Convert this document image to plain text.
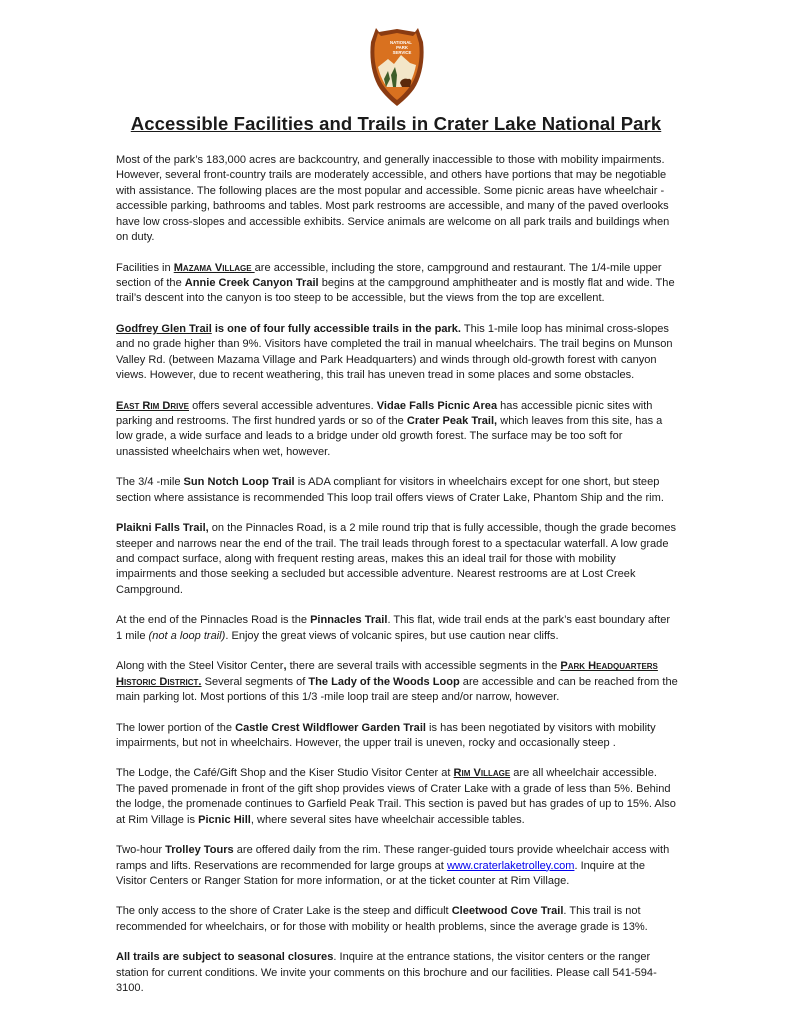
NATIONAL
PARK
SERVICE
Accessible Facilities and Trails in Crater Lake National Park

Most of the park’s 183,000 acres are backcountry, and generally inaccessible to those with mobility impairments. However, several front-country trails are moderately accessible, and others have portions that may be negotiable with assistance. The following places are the most popular and accessible. Some picnic areas have wheelchair -accessible parking, bathrooms and tables. Most park restrooms are accessible, and many of the paved overlooks have low cross-slopes and accessible exhibits. Service animals are welcome on all park trails and buildings when on duty.

Facilities in Mazama Village are accessible, including the store, campground and restaurant. The 1/4-mile upper section of the Annie Creek Canyon Trail begins at the campground amphitheater and is mostly flat and wide. The trail’s descent into the canyon is too steep to be accessible, but the views from the top are excellent.

Godfrey Glen Trail is one of four fully accessible trails in the park. This 1-mile loop has minimal cross-slopes and no grade higher than 9%. Visitors have completed the trail in manual wheelchairs. The trail begins on Munson Valley Rd. (between Mazama Village and Park Headquarters) and winds through old-growth forest with canyon views. However, due to recent weathering, this trail has uneven tread in some places and some obstacles.

East Rim Drive offers several accessible adventures. Vidae Falls Picnic Area has accessible picnic sites with parking and restrooms. The first hundred yards or so of the Crater Peak Trail, which leaves from this site, has a low grade, a wide surface and leads to a bridge under old growth forest. The surface may be too soft for unassisted wheelchairs when wet, however.

The 3/4 -mile Sun Notch Loop Trail is ADA compliant for visitors in wheelchairs except for one short, but steep section where assistance is recommended This loop trail offers views of Crater Lake, Phantom Ship and the rim.

Plaikni Falls Trail, on the Pinnacles Road, is a 2 mile round trip that is fully accessible, though the grade becomes steeper and narrows near the end of the trail. The trail leads through forest to a spectacular waterfall. A low grade and compact surface, along with frequent resting areas, makes this an ideal trail for those with mobility impairments and those seeking a secluded but accessible adventure. Nearest restrooms are at Lost Creek Campground.

At the end of the Pinnacles Road is the Pinnacles Trail. This flat, wide trail ends at the park’s east boundary after 1 mile (not a loop trail). Enjoy the great views of volcanic spires, but use caution near cliffs.

Along with the Steel Visitor Center, there are several trails with accessible segments in the Park Headquarters Historic District. Several segments of The Lady of the Woods Loop are accessible and can be reached from the main parking lot. Most portions of this 1/3 -mile loop trail are steep and/or narrow, however.

The lower portion of the Castle Crest Wildflower Garden Trail is has been negotiated by visitors with mobility impairments, but not in wheelchairs. However, the upper trail is uneven, rocky and occasionally steep .

The Lodge, the Café/Gift Shop and the Kiser Studio Visitor Center at Rim Village are all wheelchair accessible. The paved promenade in front of the gift shop provides views of Crater Lake with a grade of less than 5%. Behind the lodge, the promenade continues to Garfield Peak Trail. This section is paved but has grades of up to 15%. Also at Rim Village is Picnic Hill, where several sites have wheelchair accessible tables.

Two-hour Trolley Tours are offered daily from the rim. These ranger-guided tours provide wheelchair access with ramps and lifts. Reservations are recommended for large groups at www.craterlaketrolley.com. Inquire at the Visitor Centers or Ranger Station for more information, or at the ticket counter at Rim Village.

The only access to the shore of Crater Lake is the steep and difficult Cleetwood Cove Trail. This trail is not recommended for wheelchairs, or for those with mobility or health problems, since the average grade is 13%.

All trails are subject to seasonal closures. Inquire at the entrance stations, the visitor centers or the ranger station for current conditions. We invite your comments on this brochure and our facilities. Please call 541-594-3100.
